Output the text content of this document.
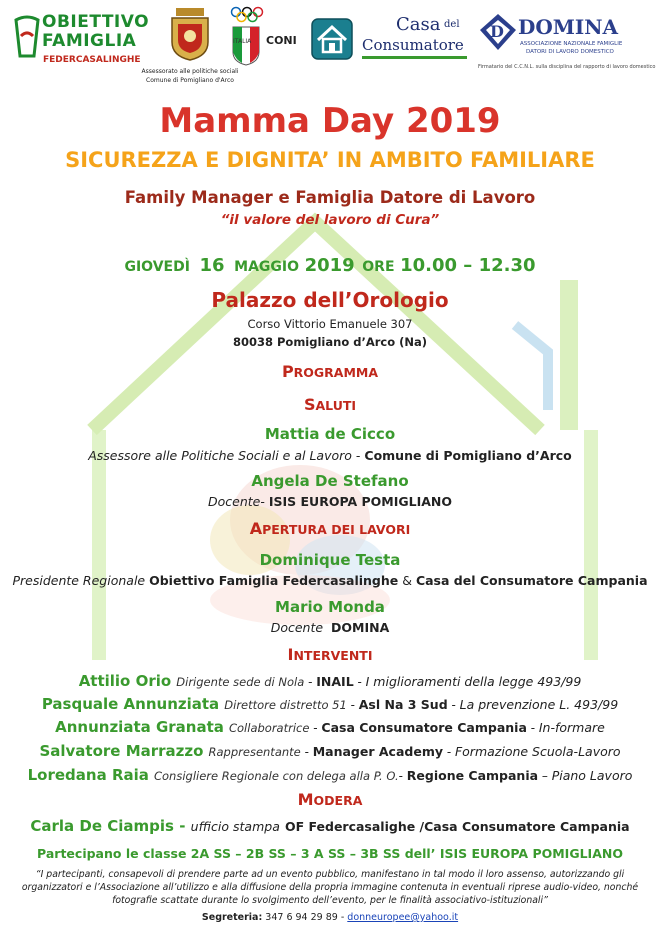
OBIETTIVO
FAMIGLIA
FEDERCASALINGHE
Assessorato alle politiche sociali
Comune di Pomigliano d'Arco
ITALIA CONI
Casa del
Consumatore
D DOMINA
ASSOCIAZIONE NAZIONALE FAMIGLIE
DATORI DI LAVORO DOMESTICO
Firmatario del C.C.N.L. sulla disciplina del rapporto di lavoro domestico
Mamma Day 2019
SICUREZZA E DIGNITA’ IN AMBITO FAMILIARE
Family Manager e Famiglia Datore di Lavoro
“il valore del lavoro di Cura”
GIOVEDÌ 16 MAGGIO 2019 ORE 10.00 – 12.30
Palazzo dell’Orologio
Corso Vittorio Emanuele 307
80038 Pomigliano d’Arco (Na)
PROGRAMMA
SALUTI
Mattia de Cicco
Assessore alle Politiche Sociali e al Lavoro - Comune di Pomigliano d’Arco
Angela De Stefano
Docente- ISIS EUROPA POMIGLIANO
APERTURA DEI LAVORI
Dominique Testa
Presidente Regionale Obiettivo Famiglia Federcasalinghe & Casa del Consumatore Campania
Mario Monda
Docente DOMINA
INTERVENTI
Attilio Orio Dirigente sede di Nola - INAIL - I miglioramenti della legge 493/99
Pasquale Annunziata Direttore distretto 51 - Asl Na 3 Sud - La prevenzione L. 493/99
Annunziata Granata Collaboratrice - Casa Consumatore Campania - In-formare
Salvatore Marrazzo Rappresentante - Manager Academy - Formazione Scuola-Lavoro
Loredana Raia Consigliere Regionale con delega alla P. O.- Regione Campania – Piano Lavoro
MODERA
Carla De Ciampis - ufficio stampa OF Federcasalighe /Casa Consumatore Campania
Partecipano le classe 2A SS – 2B SS – 3 A SS – 3B SS dell’ ISIS EUROPA POMIGLIANO
“I partecipanti, consapevoli di prendere parte ad un evento pubblico, manifestano in tal modo il loro assenso, autorizzando gli
organizzatori e l’Associazione all’utilizzo e alla diffusione della propria immagine contenuta in eventuali riprese audio-video, nonché
fotografie scattate durante lo svolgimento dell’evento, per le finalità associativo-istituzionali”
Segreteria: 347 6 94 29 89 - donneuropee@yahoo.it
